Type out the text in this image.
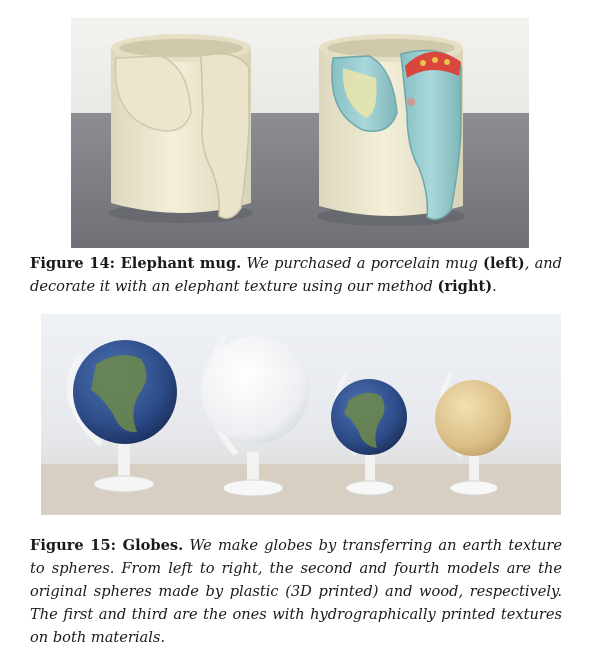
Figure 14: Elephant mug. We purchased a porcelain mug (left), and decorate it with an elephant texture using our method (right).
Figure 15: Globes. We make globes by transferring an earth texture to spheres. From left to right, the second and fourth models are the original spheres made by plastic (3D printed) and wood, respectively. The first and third are the ones with hydrographically printed textures on both materials.
